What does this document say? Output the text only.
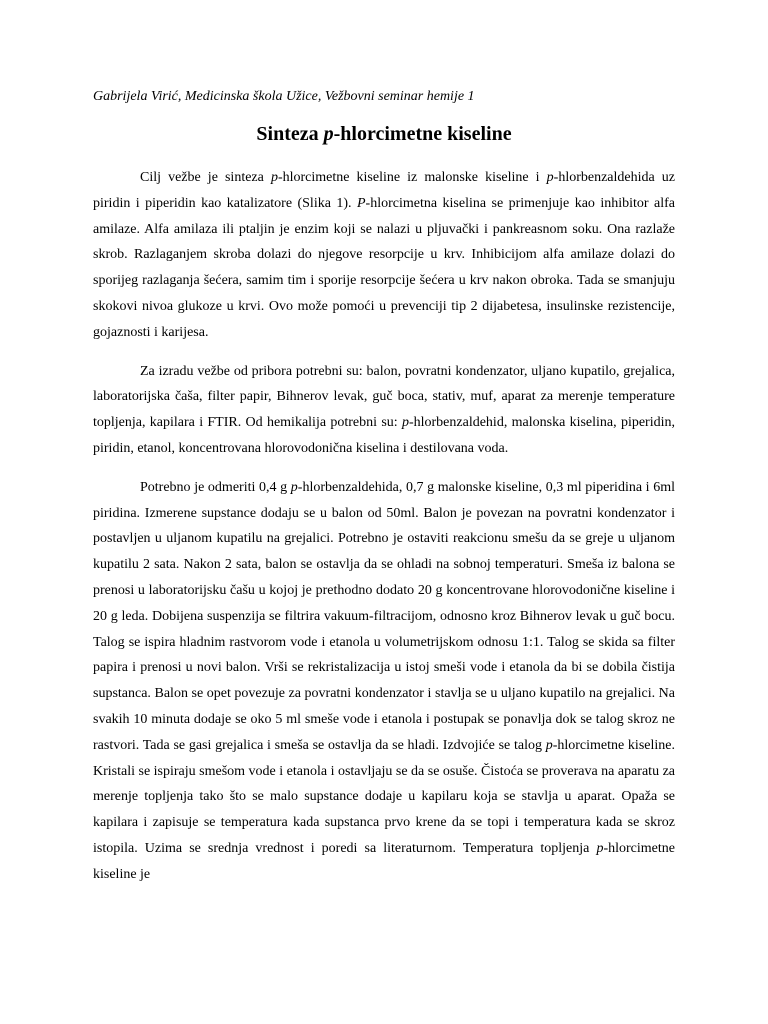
Gabrijela Virić, Medicinska škola Užice, Vežbovni seminar hemije 1
Sinteza p-hlorcimetne kiseline

Cilj vežbe je sinteza p-hlorcimetne kiseline iz malonske kiseline i p-hlorbenzaldehida uz piridin i piperidin kao katalizatore (Slika 1). P-hlorcimetna kiselina se primenjuje kao inhibitor alfa amilaze. Alfa amilaza ili ptaljin je enzim koji se nalazi u pljuvački i pankreasnom soku. Ona razlaže skrob. Razlaganjem skroba dolazi do njegove resorpcije u krv. Inhibicijom alfa amilaze dolazi do sporijeg razlaganja šećera, samim tim i sporije resorpcije šećera u krv nakon obroka. Tada se smanjuju skokovi nivoa glukoze u krvi. Ovo može pomoći u prevenciji tip 2 dijabetesa, insulinske rezistencije, gojaznosti i karijesa.

Za izradu vežbe od pribora potrebni su: balon, povratni kondenzator, uljano kupatilo, grejalica, laboratorijska čaša, filter papir, Bihnerov levak, guč boca, stativ, muf, aparat za merenje temperature topljenja, kapilara i FTIR. Od hemikalija potrebni su: p-hlorbenzaldehid, malonska kiselina, piperidin, piridin, etanol, koncentrovana hlorovodonična kiselina i destilovana voda.

Potrebno je odmeriti 0,4 g p-hlorbenzaldehida, 0,7 g malonske kiseline, 0,3 ml piperidina i 6ml piridina. Izmerene supstance dodaju se u balon od 50ml. Balon je povezan na povratni kondenzator i postavljen u uljanom kupatilu na grejalici. Potrebno je ostaviti reakcionu smešu da se greje u uljanom kupatilu 2 sata. Nakon 2 sata, balon se ostavlja da se ohladi na sobnoj temperaturi. Smeša iz balona se prenosi u laboratorijsku čašu u kojoj je prethodno dodato 20 g koncentrovane hlorovodonične kiseline i 20 g leda. Dobijena suspenzija se filtrira vakuum-filtracijom, odnosno kroz Bihnerov levak u guč bocu. Talog se ispira hladnim rastvorom vode i etanola u volumetrijskom odnosu 1:1. Talog se skida sa filter papira i prenosi u novi balon. Vrši se rekristalizacija u istoj smeši vode i etanola da bi se dobila čistija supstanca. Balon se opet povezuje za povratni kondenzator i stavlja se u uljano kupatilo na grejalici. Na svakih 10 minuta dodaje se oko 5 ml smeše vode i etanola i postupak se ponavlja dok se talog skroz ne rastvori. Tada se gasi grejalica i smeša se ostavlja da se hladi. Izdvojiće se talog p-hlorcimetne kiseline. Kristali se ispiraju smešom vode i etanola i ostavljaju se da se osuše. Čistoća se proverava na aparatu za merenje topljenja tako što se malo supstance dodaje u kapilaru koja se stavlja u aparat. Opaža se kapilara i zapisuje se temperatura kada supstanca prvo krene da se topi i temperatura kada se skroz istopila. Uzima se srednja vrednost i poredi sa literaturnom. Temperatura topljenja p-hlorcimetne kiseline je
